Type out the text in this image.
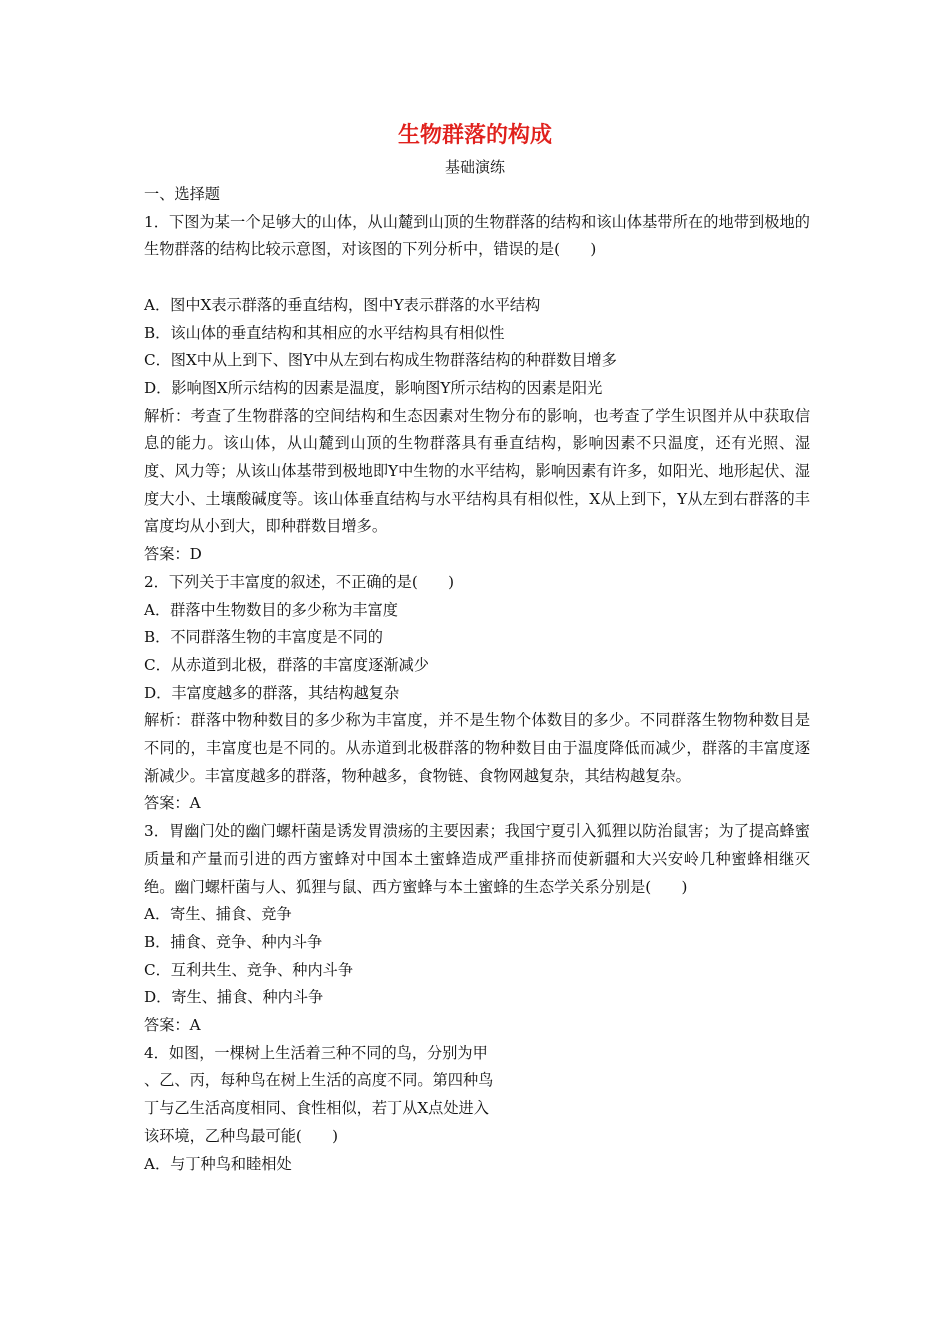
生物群落的构成
基础演练

一、选择题

1．下图为某一个足够大的山体，从山麓到山顶的生物群落的结构和该山体基带所在的地带到极地的生物群落的结构比较示意图，对该图的下列分析中，错误的是(　　)

A．图中X表示群落的垂直结构，图中Y表示群落的水平结构

B．该山体的垂直结构和其相应的水平结构具有相似性

C．图X中从上到下、图Y中从左到右构成生物群落结构的种群数目增多

D．影响图X所示结构的因素是温度，影响图Y所示结构的因素是阳光

解析：考查了生物群落的空间结构和生态因素对生物分布的影响，也考查了学生识图并从中获取信息的能力。该山体，从山麓到山顶的生物群落具有垂直结构，影响因素不只温度，还有光照、湿度、风力等；从该山体基带到极地即Y中生物的水平结构，影响因素有许多，如阳光、地形起伏、湿度大小、土壤酸碱度等。该山体垂直结构与水平结构具有相似性，X从上到下，Y从左到右群落的丰富度均从小到大，即种群数目增多。

答案：D

2．下列关于丰富度的叙述，不正确的是(　　)

A．群落中生物数目的多少称为丰富度

B．不同群落生物的丰富度是不同的

C．从赤道到北极，群落的丰富度逐渐减少

D．丰富度越多的群落，其结构越复杂

解析：群落中物种数目的多少称为丰富度，并不是生物个体数目的多少。不同群落生物物种数目是不同的，丰富度也是不同的。从赤道到北极群落的物种数目由于温度降低而减少，群落的丰富度逐渐减少。丰富度越多的群落，物种越多，食物链、食物网越复杂，其结构越复杂。

答案：A

3．胃幽门处的幽门螺杆菌是诱发胃溃疡的主要因素；我国宁夏引入狐狸以防治鼠害；为了提高蜂蜜质量和产量而引进的西方蜜蜂对中国本土蜜蜂造成严重排挤而使新疆和大兴安岭几种蜜蜂相继灭绝。幽门螺杆菌与人、狐狸与鼠、西方蜜蜂与本土蜜蜂的生态学关系分别是(　　)

A．寄生、捕食、竞争

B．捕食、竞争、种内斗争

C．互利共生、竞争、种内斗争

D．寄生、捕食、种内斗争

答案：A

4．如图，一棵树上生活着三种不同的鸟，分别为甲

、乙、丙，每种鸟在树上生活的高度不同。第四种鸟

丁与乙生活高度相同、食性相似，若丁从X点处进入

该环境，乙种鸟最可能(　　)

A．与丁种鸟和睦相处
